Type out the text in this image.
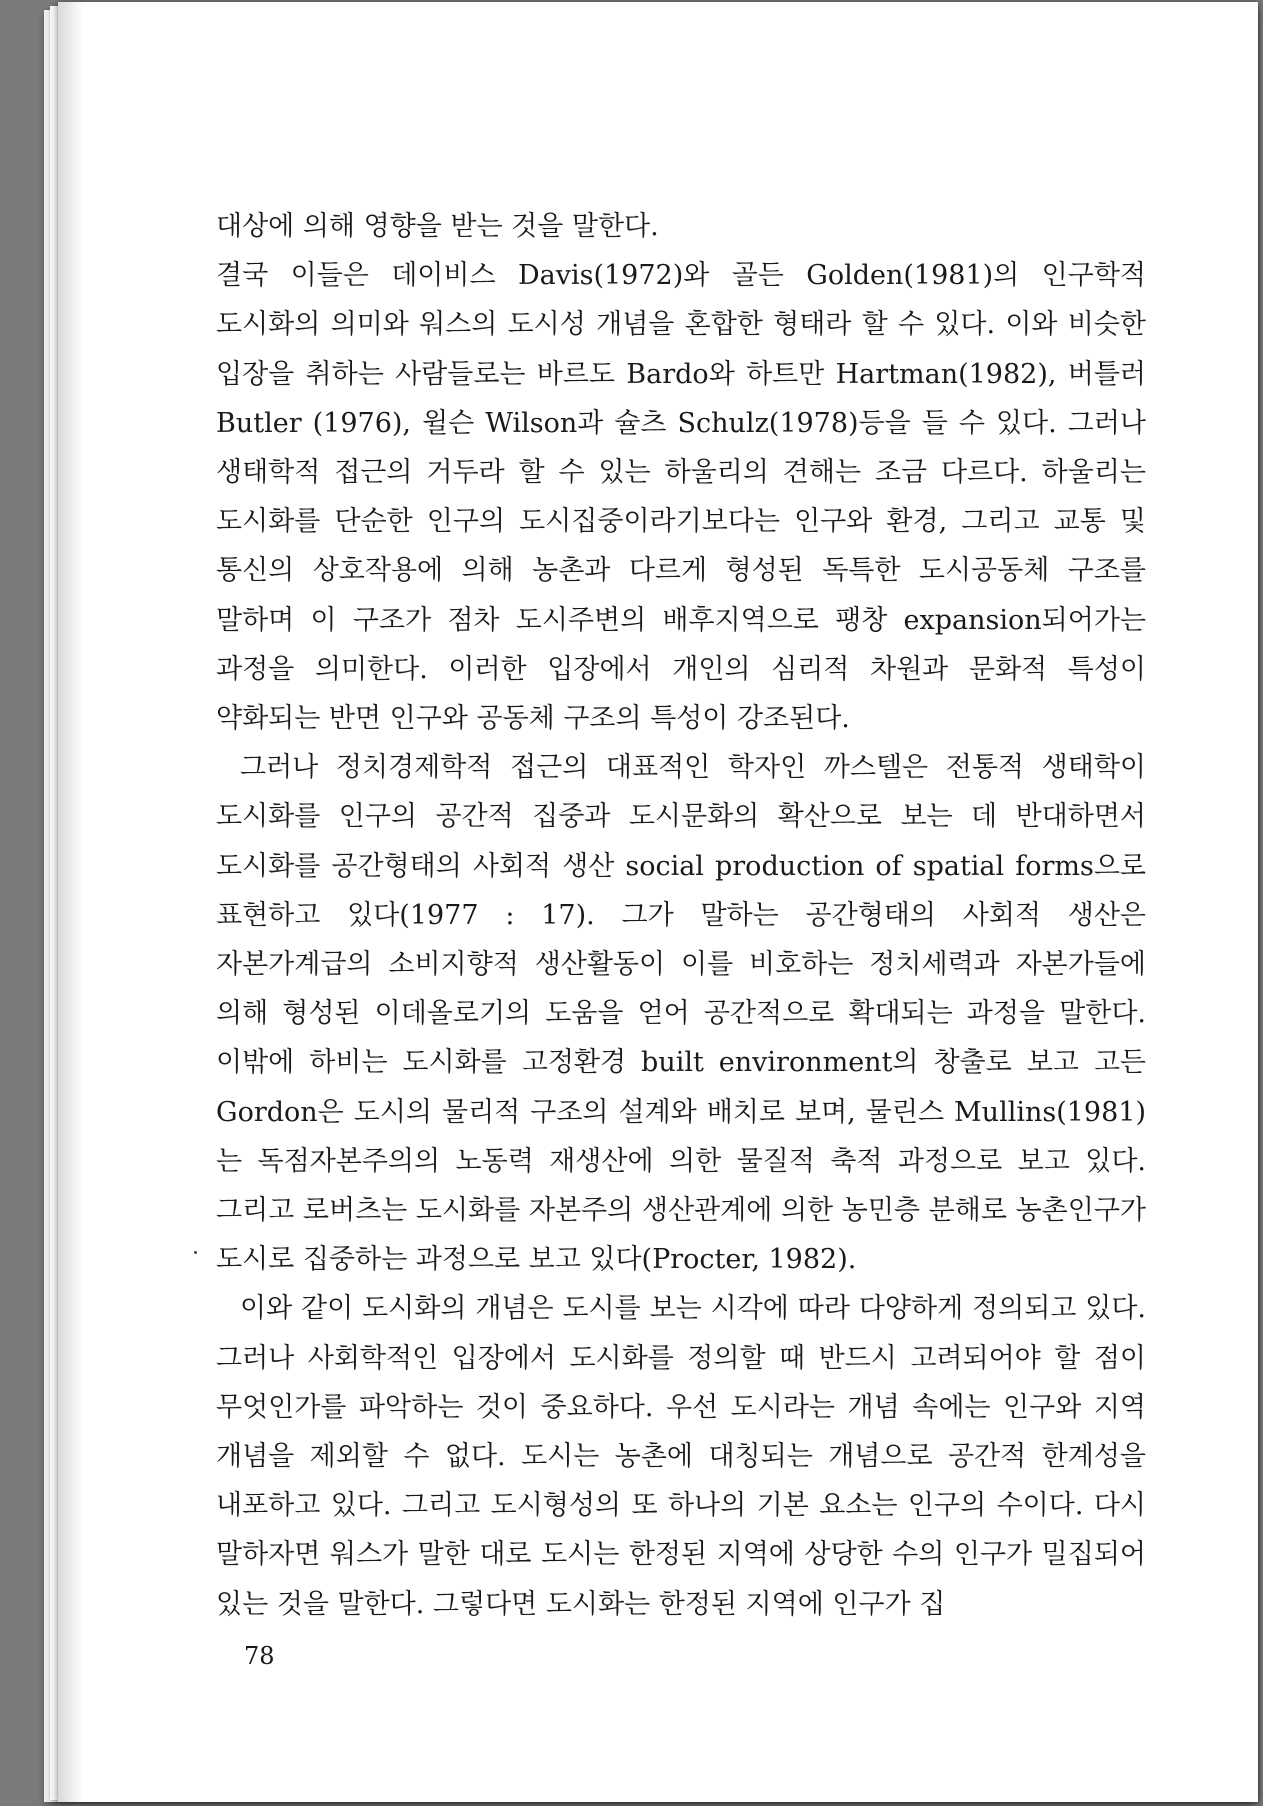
대상에 의해 영향을 받는 것을 말한다.

결국 이들은 데이비스 Davis(1972)와 골든 Golden(1981)의 인구학적 도시화의 의미와 워스의 도시성 개념을 혼합한 형태라 할 수 있다. 이와 비슷한 입장을 취하는 사람들로는 바르도 Bardo와 하트만 Hartman(1982), 버틀러 Butler (1976), 윌슨 Wilson과 슐츠 Schulz(1978)등을 들 수 있다. 그러나 생태학적 접근의 거두라 할 수 있는 하울리의 견해는 조금 다르다. 하울리는 도시화를 단순한 인구의 도시집중이라기보다는 인구와 환경, 그리고 교통 및 통신의 상호작용에 의해 농촌과 다르게 형성된 독특한 도시공동체 구조를 말하며 이 구조가 점차 도시주변의 배후지역으로 팽창 expansion되어가는 과정을 의미한다. 이러한 입장에서 개인의 심리적 차원과 문화적 특성이 약화되는 반면 인구와 공동체 구조의 특성이 강조된다.

그러나 정치경제학적 접근의 대표적인 학자인 까스텔은 전통적 생태학이 도시화를 인구의 공간적 집중과 도시문화의 확산으로 보는 데 반대하면서 도시화를 공간형태의 사회적 생산 social production of spatial forms으로 표현하고 있다(1977 : 17). 그가 말하는 공간형태의 사회적 생산은 자본가계급의 소비지향적 생산활동이 이를 비호하는 정치세력과 자본가들에 의해 형성된 이데올로기의 도움을 얻어 공간적으로 확대되는 과정을 말한다. 이밖에 하비는 도시화를 고정환경 built environment의 창출로 보고 고든 Gordon은 도시의 물리적 구조의 설계와 배치로 보며, 물린스 Mullins(1981)는 독점자본주의의 노동력 재생산에 의한 물질적 축적 과정으로 보고 있다. 그리고 로버츠는 도시화를 자본주의 생산관계에 의한 농민층 분해로 농촌인구가 도시로 집중하는 과정으로 보고 있다(Procter, 1982).

이와 같이 도시화의 개념은 도시를 보는 시각에 따라 다양하게 정의되고 있다. 그러나 사회학적인 입장에서 도시화를 정의할 때 반드시 고려되어야 할 점이 무엇인가를 파악하는 것이 중요하다. 우선 도시라는 개념 속에는 인구와 지역 개념을 제외할 수 없다. 도시는 농촌에 대칭되는 개념으로 공간적 한계성을 내포하고 있다. 그리고 도시형성의 또 하나의 기본 요소는 인구의 수이다. 다시 말하자면 워스가 말한 대로 도시는 한정된 지역에 상당한 수의 인구가 밀집되어 있는 것을 말한다. 그렇다면 도시화는 한정된 지역에 인구가 집

78
